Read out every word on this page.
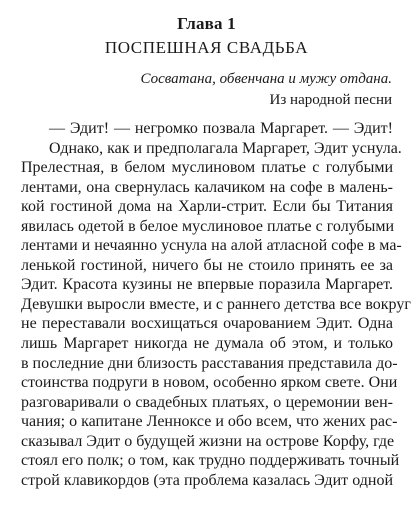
Глава 1
ПОСПЕШНАЯ СВАДЬБА
Сосватана, обвенчана и мужу отдана.
Из народной песни
— Эдит! — негромко позвала Маргарет. — Эдит!
Однако, как и предполагала Маргарет, Эдит уснула.
Прелестная, в белом муслиновом платье с голубыми
лентами, она свернулась калачиком на софе в малень-
кой гостиной дома на Харли-стрит. Если бы Титания
явилась одетой в белое муслиновое платье с голубыми
лентами и нечаянно уснула на алой атласной софе в ма-
ленькой гостиной, ничего бы не стоило принять ее за
Эдит. Красота кузины не впервые поразила Маргарет.
Девушки выросли вместе, и с раннего детства все вокруг
не переставали восхищаться очарованием Эдит. Одна
лишь Маргарет никогда не думала об этом, и только
в последние дни близость расставания представила до-
стоинства подруги в новом, особенно ярком свете. Они
разговаривали о свадебных платьях, о церемонии вен-
чания; о капитане Ленноксе и обо всем, что жених рас-
сказывал Эдит о будущей жизни на острове Корфу, где
стоял его полк; о том, как трудно поддерживать точный
строй клавикордов (эта проблема казалась Эдит одной
